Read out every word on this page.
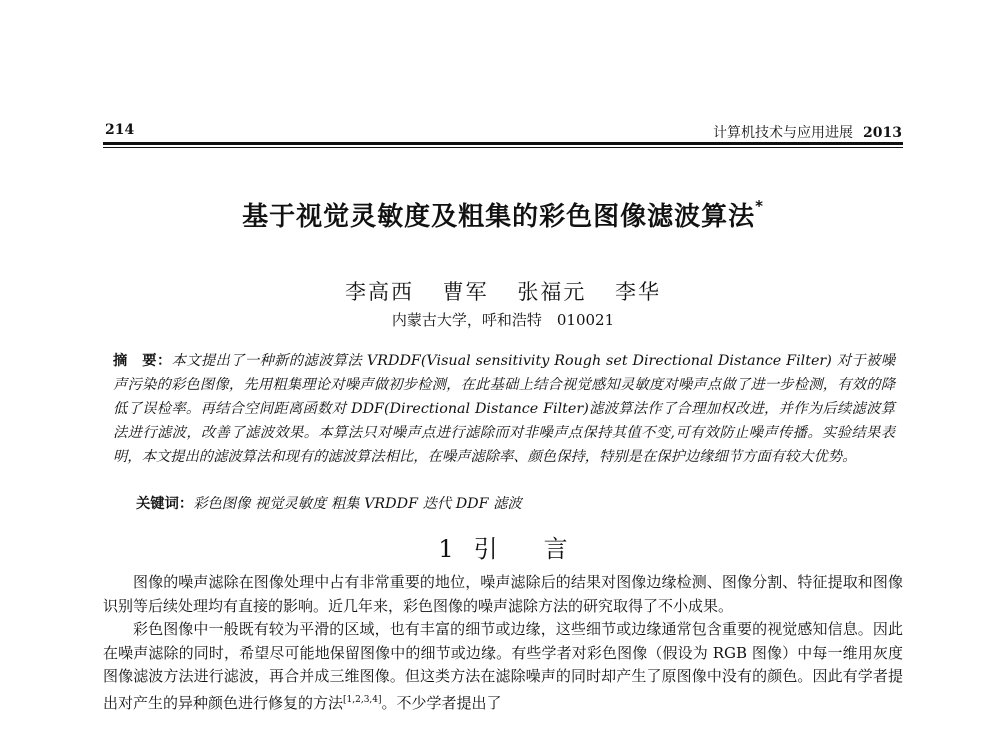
214	计算机技术与应用进展 2013
基于视觉灵敏度及粗集的彩色图像滤波算法*
李高西 曹军 张福元 李华
内蒙古大学，呼和浩特　010021
摘　要：本文提出了一种新的滤波算法 VRDDF(Visual sensitivity Rough set Directional Distance Filter) 对于被噪声污染的彩色图像，先用粗集理论对噪声做初步检测，在此基础上结合视觉感知灵敏度对噪声点做了进一步检测，有效的降低了误检率。再结合空间距离函数对 DDF(Directional Distance Filter)滤波算法作了合理加权改进，并作为后续滤波算法进行滤波，改善了滤波效果。本算法只对噪声点进行滤除而对非噪声点保持其值不变,可有效防止噪声传播。实验结果表明，本文提出的滤波算法和现有的滤波算法相比，在噪声滤除率、颜色保持，特别是在保护边缘细节方面有较大优势。
关键词：彩色图像 视觉灵敏度 粗集 VRDDF 迭代 DDF 滤波
1 引 言

图像的噪声滤除在图像处理中占有非常重要的地位，噪声滤除后的结果对图像边缘检测、图像分割、特征提取和图像识别等后续处理均有直接的影响。近几年来，彩色图像的噪声滤除方法的研究取得了不小成果。

彩色图像中一般既有较为平滑的区域，也有丰富的细节或边缘，这些细节或边缘通常包含重要的视觉感知信息。因此在噪声滤除的同时，希望尽可能地保留图像中的细节或边缘。有些学者对彩色图像（假设为 RGB 图像）中每一维用灰度图像滤波方法进行滤波，再合并成三维图像。但这类方法在滤除噪声的同时却产生了原图像中没有的颜色。因此有学者提出对产生的异种颜色进行修复的方法[1,2,3,4]。不少学者提出了
